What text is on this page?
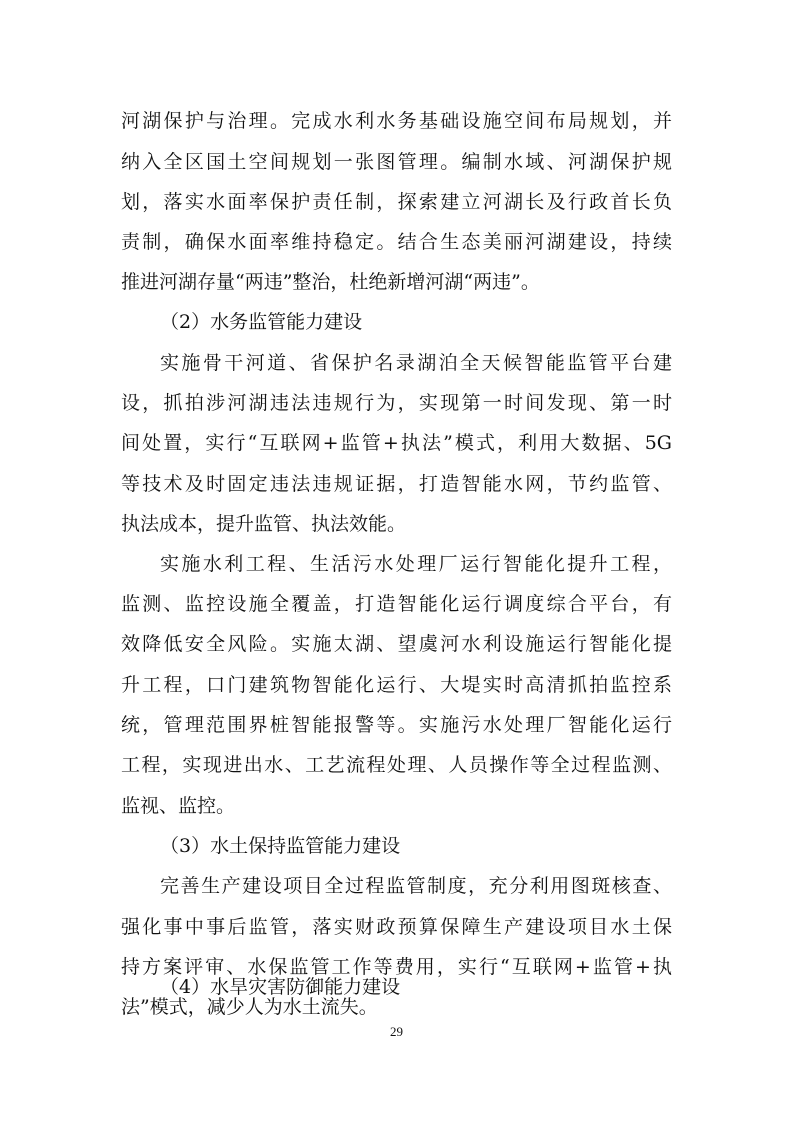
河湖保护与治理。完成水利水务基础设施空间布局规划，并
纳入全区国土空间规划一张图管理。编制水域、河湖保护规
划，落实水面率保护责任制，探索建立河湖长及行政首长负
责制，确保水面率维持稳定。结合生态美丽河湖建设，持续
推进河湖存量“两违”整治，杜绝新增河湖“两违”。
（2）水务监管能力建设
实施骨干河道、省保护名录湖泊全天候智能监管平台建
设，抓拍涉河湖违法违规行为，实现第一时间发现、第一时
间处置，实行“互联网+监管+执法”模式，利用大数据、5G
等技术及时固定违法违规证据，打造智能水网，节约监管、
执法成本，提升监管、执法效能。
实施水利工程、生活污水处理厂运行智能化提升工程，
监测、监控设施全覆盖，打造智能化运行调度综合平台，有
效降低安全风险。实施太湖、望虞河水利设施运行智能化提
升工程，口门建筑物智能化运行、大堤实时高清抓拍监控系
统，管理范围界桩智能报警等。实施污水处理厂智能化运行
工程，实现进出水、工艺流程处理、人员操作等全过程监测、
监视、监控。
（3）水土保持监管能力建设
完善生产建设项目全过程监管制度，充分利用图斑核查、
强化事中事后监管，落实财政预算保障生产建设项目水土保
持方案评审、水保监管工作等费用，实行“互联网+监管+执
法”模式，减少人为水土流失。
（4）水旱灾害防御能力建设
29
